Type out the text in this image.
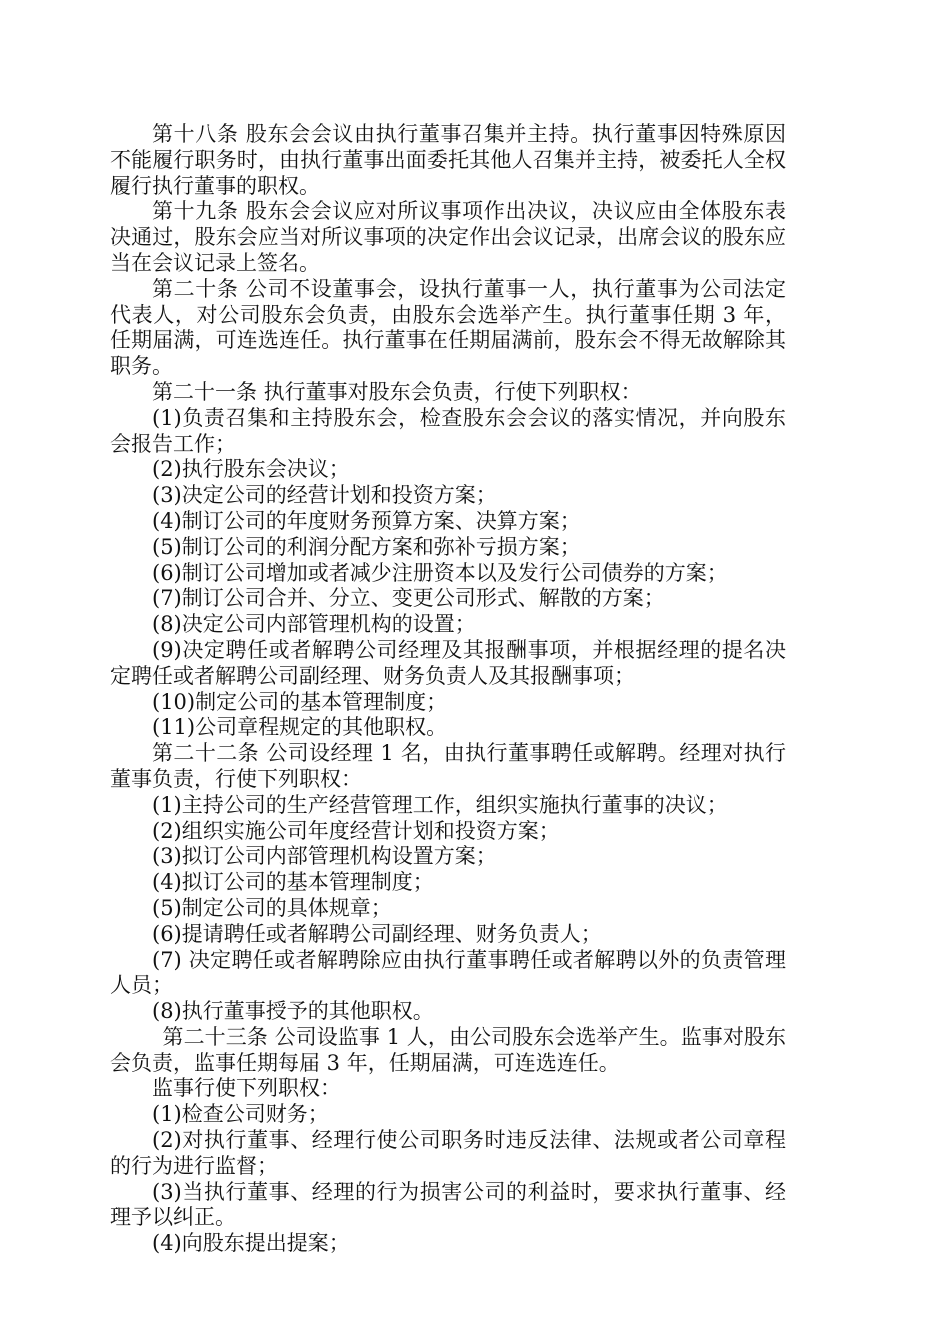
第十八条 股东会会议由执行董事召集并主持。执行董事因特殊原因不能履行职务时，由执行董事出面委托其他人召集并主持，被委托人全权履行执行董事的职权。

第十九条 股东会会议应对所议事项作出决议，决议应由全体股东表决通过，股东会应当对所议事项的决定作出会议记录，出席会议的股东应当在会议记录上签名。

第二十条 公司不设董事会，设执行董事一人，执行董事为公司法定代表人，对公司股东会负责，由股东会选举产生。执行董事任期 3 年，任期届满，可连选连任。执行董事在任期届满前，股东会不得无故解除其职务。

第二十一条 执行董事对股东会负责，行使下列职权：

(1)负责召集和主持股东会，检查股东会会议的落实情况，并向股东会报告工作；

(2)执行股东会决议；

(3)决定公司的经营计划和投资方案；

(4)制订公司的年度财务预算方案、决算方案；

(5)制订公司的利润分配方案和弥补亏损方案；

(6)制订公司增加或者减少注册资本以及发行公司债券的方案；

(7)制订公司合并、分立、变更公司形式、解散的方案；

(8)决定公司内部管理机构的设置；

(9)决定聘任或者解聘公司经理及其报酬事项，并根据经理的提名决定聘任或者解聘公司副经理、财务负责人及其报酬事项；

(10)制定公司的基本管理制度；

(11)公司章程规定的其他职权。

第二十二条 公司设经理 1 名，由执行董事聘任或解聘。经理对执行董事负责，行使下列职权：

(1)主持公司的生产经营管理工作，组织实施执行董事的决议；

(2)组织实施公司年度经营计划和投资方案；

(3)拟订公司内部管理机构设置方案；

(4)拟订公司的基本管理制度；

(5)制定公司的具体规章；

(6)提请聘任或者解聘公司副经理、财务负责人；

(7) 决定聘任或者解聘除应由执行董事聘任或者解聘以外的负责管理人员；

(8)执行董事授予的其他职权。

第二十三条 公司设监事 1 人，由公司股东会选举产生。监事对股东会负责，监事任期每届 3 年，任期届满，可连选连任。

监事行使下列职权：

(1)检查公司财务；

(2)对执行董事、经理行使公司职务时违反法律、法规或者公司章程的行为进行监督；

(3)当执行董事、经理的行为损害公司的利益时，要求执行董事、经理予以纠正。

(4)向股东提出提案；
